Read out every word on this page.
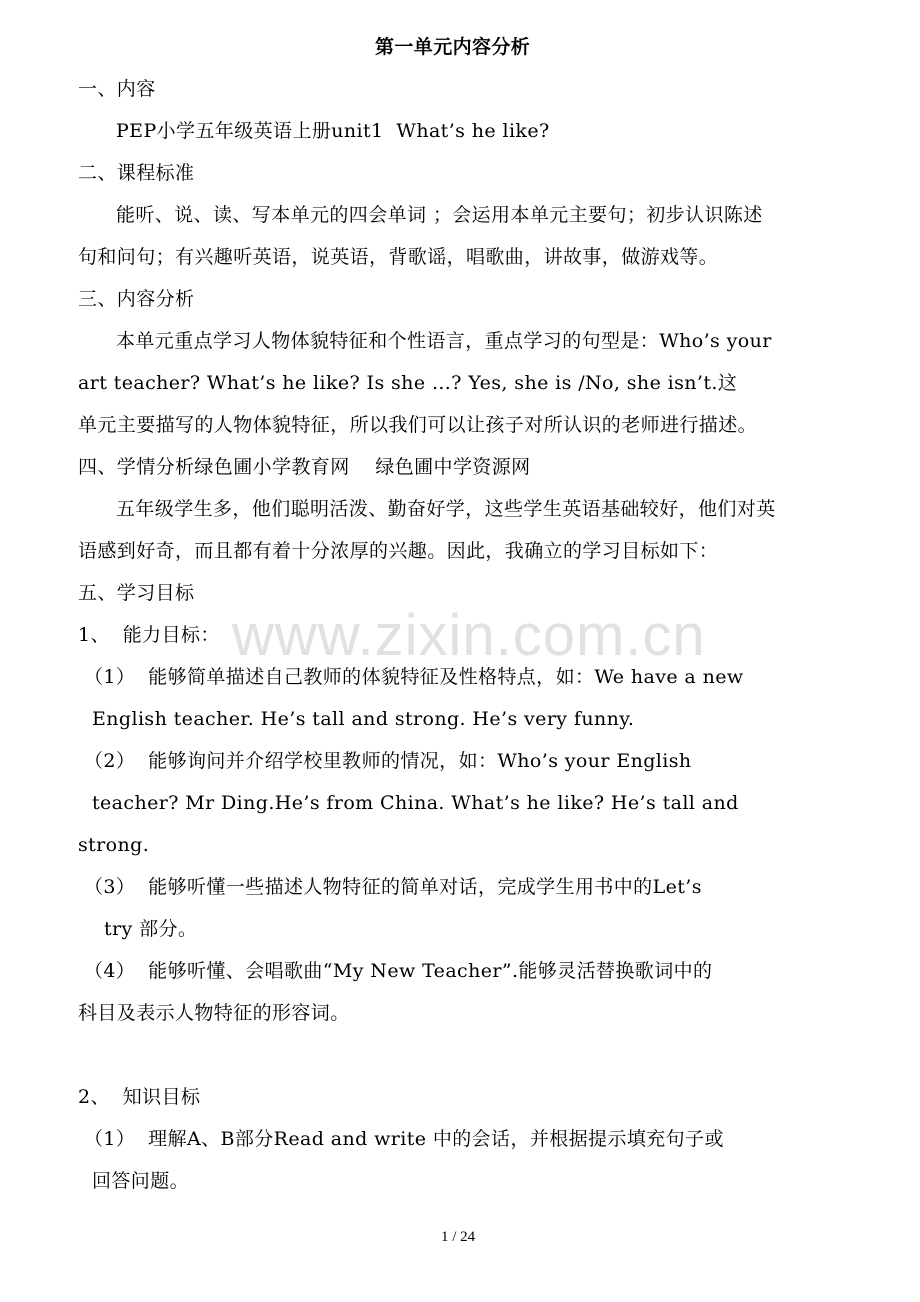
第一单元内容分析
一、内容
PEP小学五年级英语上册unit1  What’s he like?
二、课程标准
能听、说、读、写本单元的四会单词 ；会运用本单元主要句；初步认识陈述
句和问句；有兴趣听英语，说英语，背歌谣，唱歌曲，讲故事，做游戏等。
三、内容分析
本单元重点学习人物体貌特征和个性语言，重点学习的句型是：Who’s your
art teacher? What’s he like? Is she …? Yes, she is /No, she isn’t.这
单元主要描写的人物体貌特征，所以我们可以让孩子对所认识的老师进行描述。
四、学情分析绿色圃小学教育网    绿色圃中学资源网
五年级学生多，他们聪明活泼、勤奋好学，这些学生英语基础较好，他们对英
语感到好奇，而且都有着十分浓厚的兴趣。因此，我确立的学习目标如下：
五、学习目标
www.zixin.com.cn
1、  能力目标：
（1）  能够简单描述自己教师的体貌特征及性格特点，如：We have a new
English teacher. He’s tall and strong. He’s very funny.
（2）  能够询问并介绍学校里教师的情况，如：Who’s your English
teacher? Mr Ding.He’s from China. What’s he like? He’s tall and
strong.
（3）  能够听懂一些描述人物特征的简单对话，完成学生用书中的Let’s
try 部分。
（4）  能够听懂、会唱歌曲“My New Teacher”.能够灵活替换歌词中的
科目及表示人物特征的形容词。
2、  知识目标
（1）  理解A、B部分Read and write 中的会话，并根据提示填充句子或
回答问题。
1 / 24
